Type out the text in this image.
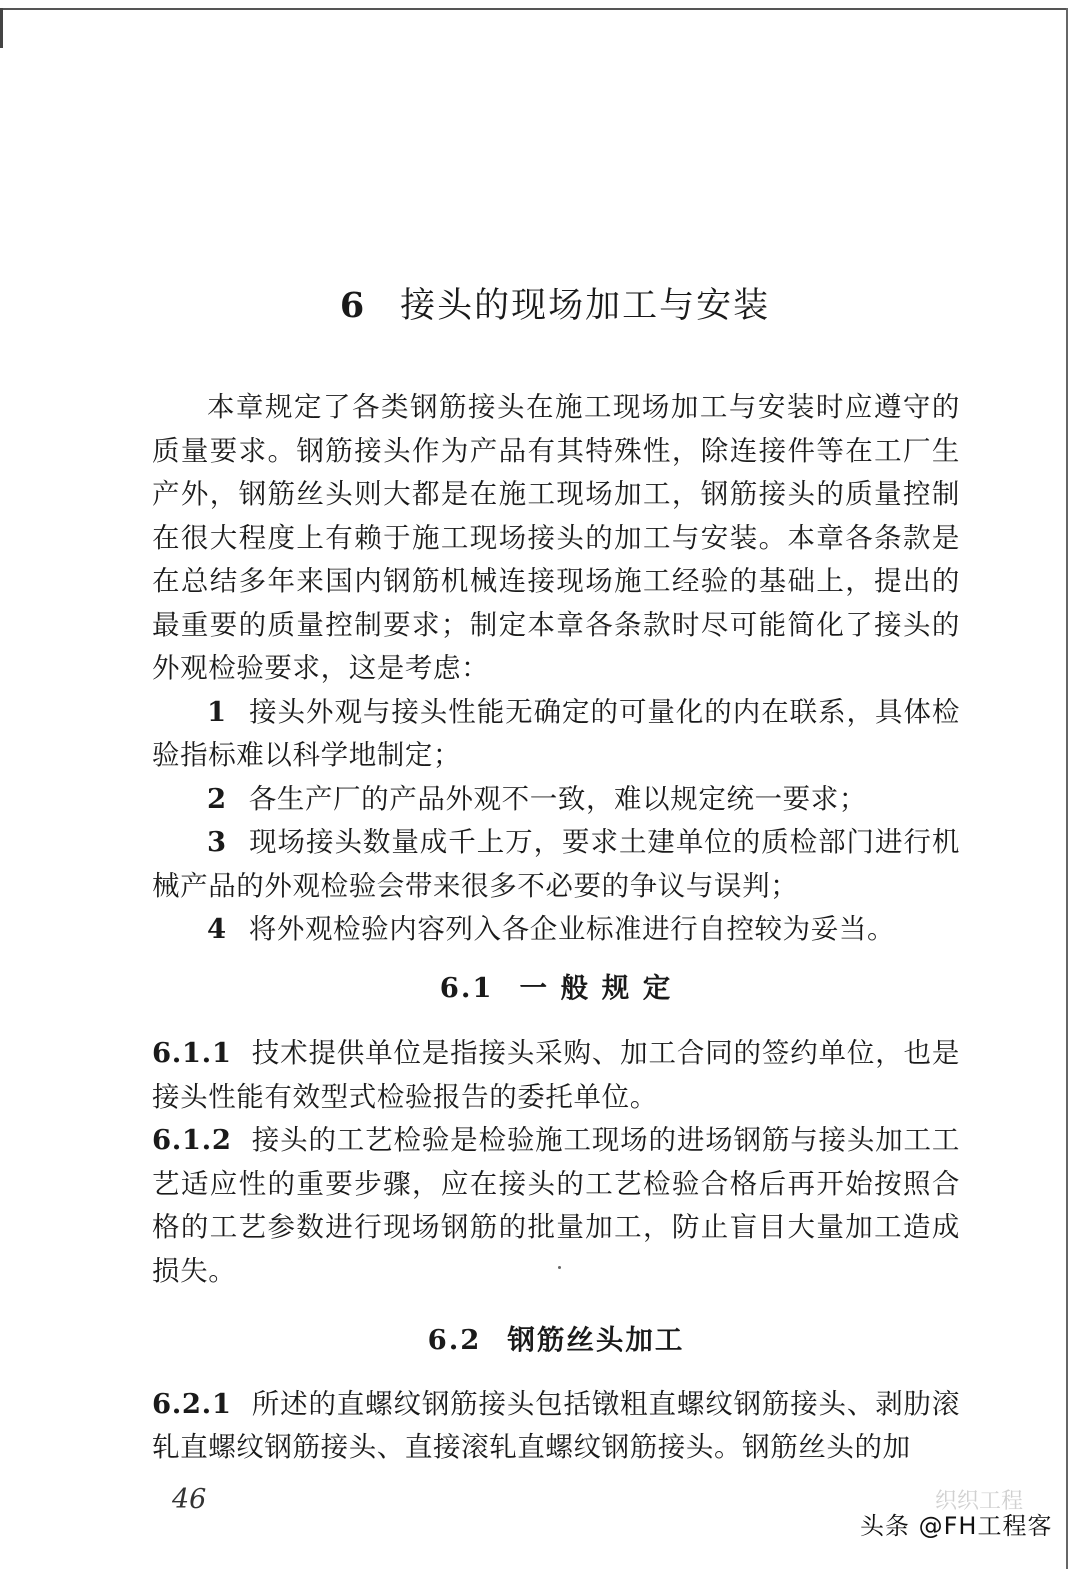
6 接头的现场加工与安装

本章规定了各类钢筋接头在施工现场加工与安装时应遵守的质量要求。钢筋接头作为产品有其特殊性，除连接件等在工厂生产外，钢筋丝头则大都是在施工现场加工，钢筋接头的质量控制在很大程度上有赖于施工现场接头的加工与安装。本章各条款是在总结多年来国内钢筋机械连接现场施工经验的基础上，提出的最重要的质量控制要求；制定本章各条款时尽可能简化了接头的外观检验要求，这是考虑：

1 接头外观与接头性能无确定的可量化的内在联系，具体检验指标难以科学地制定；

2 各生产厂的产品外观不一致，难以规定统一要求；

3 现场接头数量成千上万，要求土建单位的质检部门进行机械产品的外观检验会带来很多不必要的争议与误判；

4 将外观检验内容列入各企业标准进行自控较为妥当。

6.1 一 般 规 定

6.1.1 技术提供单位是指接头采购、加工合同的签约单位，也是接头性能有效型式检验报告的委托单位。

6.1.2 接头的工艺检验是检验施工现场的进场钢筋与接头加工工艺适应性的重要步骤，应在接头的工艺检验合格后再开始按照合格的工艺参数进行现场钢筋的批量加工，防止盲目大量加工造成损失。

6.2 钢筋丝头加工

6.2.1 所述的直螺纹钢筋接头包括镦粗直螺纹钢筋接头、剥肋滚轧直螺纹钢筋接头、直接滚轧直螺纹钢筋接头。钢筋丝头的加

46	织织工程
头条 @FH工程客
